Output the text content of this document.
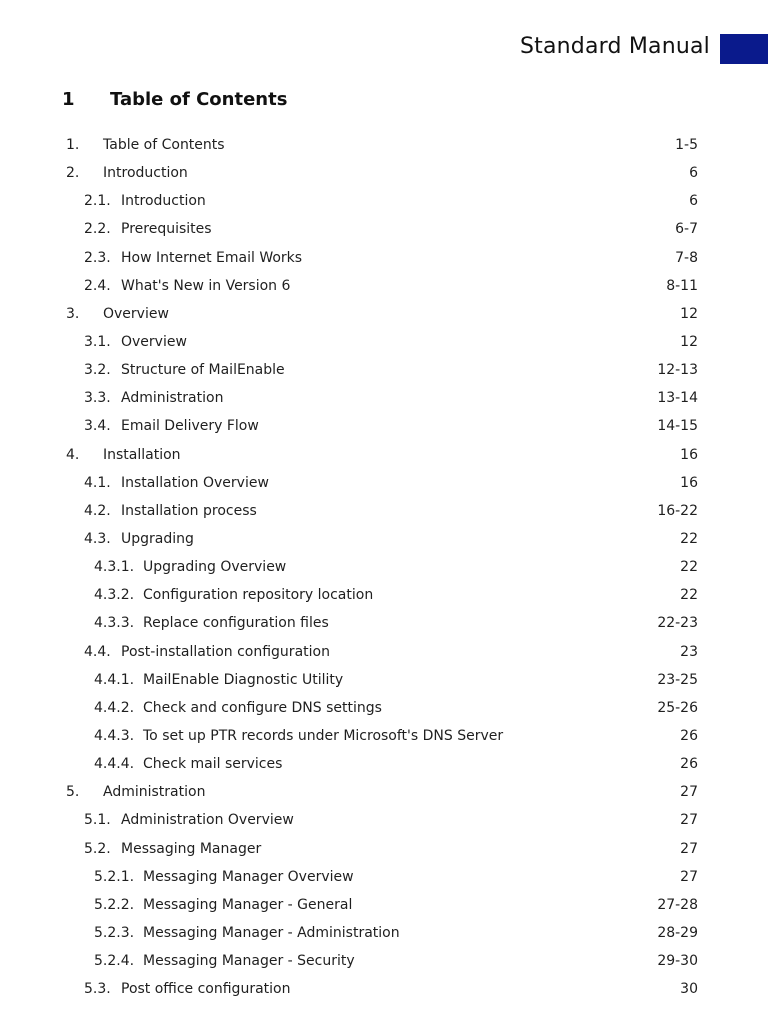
Standard Manual
1	Table of Contents
1. Table of Contents	1-5
2. Introduction	6
2.1. Introduction	6
2.2. Prerequisites	6-7
2.3. How Internet Email Works	7-8
2.4. What's New in Version 6	8-11
3. Overview	12
3.1. Overview	12
3.2. Structure of MailEnable	12-13
3.3. Administration	13-14
3.4. Email Delivery Flow	14-15
4. Installation	16
4.1. Installation Overview	16
4.2. Installation process	16-22
4.3. Upgrading	22
4.3.1. Upgrading Overview	22
4.3.2. Configuration repository location	22
4.3.3. Replace configuration files	22-23
4.4. Post-installation configuration	23
4.4.1. MailEnable Diagnostic Utility	23-25
4.4.2. Check and configure DNS settings	25-26
4.4.3. To set up PTR records under Microsoft's DNS Server	26
4.4.4. Check mail services	26
5. Administration	27
5.1. Administration Overview	27
5.2. Messaging Manager	27
5.2.1. Messaging Manager Overview	27
5.2.2. Messaging Manager - General	27-28
5.2.3. Messaging Manager - Administration	28-29
5.2.4. Messaging Manager - Security	29-30
5.3. Post office configuration	30
